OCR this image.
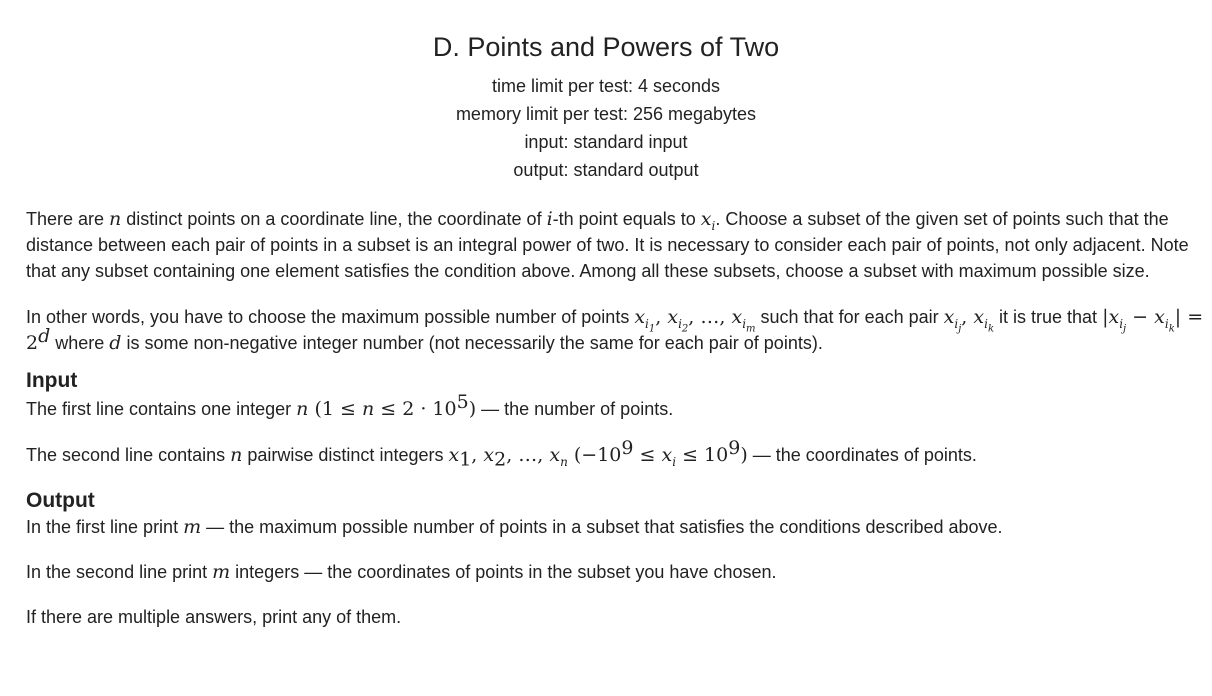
D. Points and Powers of Two
time limit per test: 4 seconds
memory limit per test: 256 megabytes
input: standard input
output: standard output

There are n distinct points on a coordinate line, the coordinate of i-th point equals to $x_i$. Choose a subset of the given set of points such that the distance between each pair of points in a subset is an integral power of two. It is necessary to consider each pair of points, not only adjacent. Note that any subset containing one element satisfies the condition above. Among all these subsets, choose a subset with maximum possible size.

In other words, you have to choose the maximum possible number of points $x_{i_1}$, $x_{i_2}$, …, $x_{i_m}$ such that for each pair $x_{i_j}$, $x_{i_k}$ it is true that $|x_{i_j} - x_{i_k}| = 2^d$ where d is some non-negative integer number (not necessarily the same for each pair of points).

Input

The first line contains one integer n $(1 \le n \le 2 \cdot 10^5)$ — the number of points.

The second line contains n pairwise distinct integers $x_1$, $x_2$, …, $x_n$ $(-10^9 \le x_i \le 10^9)$ — the coordinates of points.

Output

In the first line print m — the maximum possible number of points in a subset that satisfies the conditions described above.

In the second line print m integers — the coordinates of points in the subset you have chosen.

If there are multiple answers, print any of them.
